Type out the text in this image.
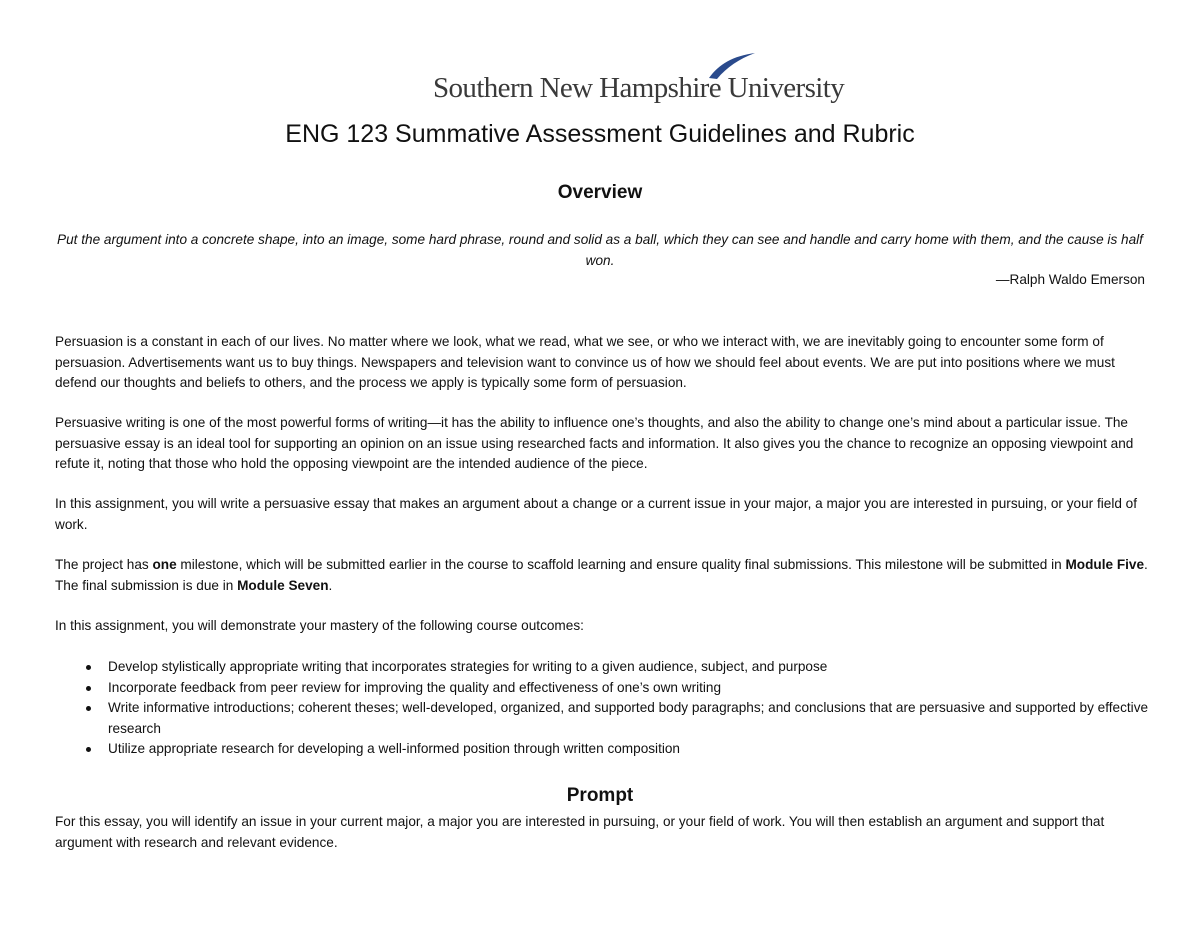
Southern New Hampshire University
ENG 123 Summative Assessment Guidelines and Rubric
Overview
Put the argument into a concrete shape, into an image, some hard phrase, round and solid as a ball, which they can see and handle and carry home with them, and the cause is half won.
—Ralph Waldo Emerson

Persuasion is a constant in each of our lives. No matter where we look, what we read, what we see, or who we interact with, we are inevitably going to encounter some form of persuasion. Advertisements want us to buy things. Newspapers and television want to convince us of how we should feel about events. We are put into positions where we must defend our thoughts and beliefs to others, and the process we apply is typically some form of persuasion.

Persuasive writing is one of the most powerful forms of writing—it has the ability to influence one’s thoughts, and also the ability to change one’s mind about a particular issue. The persuasive essay is an ideal tool for supporting an opinion on an issue using researched facts and information. It also gives you the chance to recognize an opposing viewpoint and refute it, noting that those who hold the opposing viewpoint are the intended audience of the piece.

In this assignment, you will write a persuasive essay that makes an argument about a change or a current issue in your major, a major you are interested in pursuing, or your field of work.

The project has one milestone, which will be submitted earlier in the course to scaffold learning and ensure quality final submissions. This milestone will be submitted in Module Five. The final submission is due in Module Seven.

In this assignment, you will demonstrate your mastery of the following course outcomes:

Develop stylistically appropriate writing that incorporates strategies for writing to a given audience, subject, and purpose
Incorporate feedback from peer review for improving the quality and effectiveness of one’s own writing
Write informative introductions; coherent theses; well-developed, organized, and supported body paragraphs; and conclusions that are persuasive and supported by effective research
Utilize appropriate research for developing a well-informed position through written composition
Prompt

For this essay, you will identify an issue in your current major, a major you are interested in pursuing, or your field of work. You will then establish an argument and support that argument with research and relevant evidence.
